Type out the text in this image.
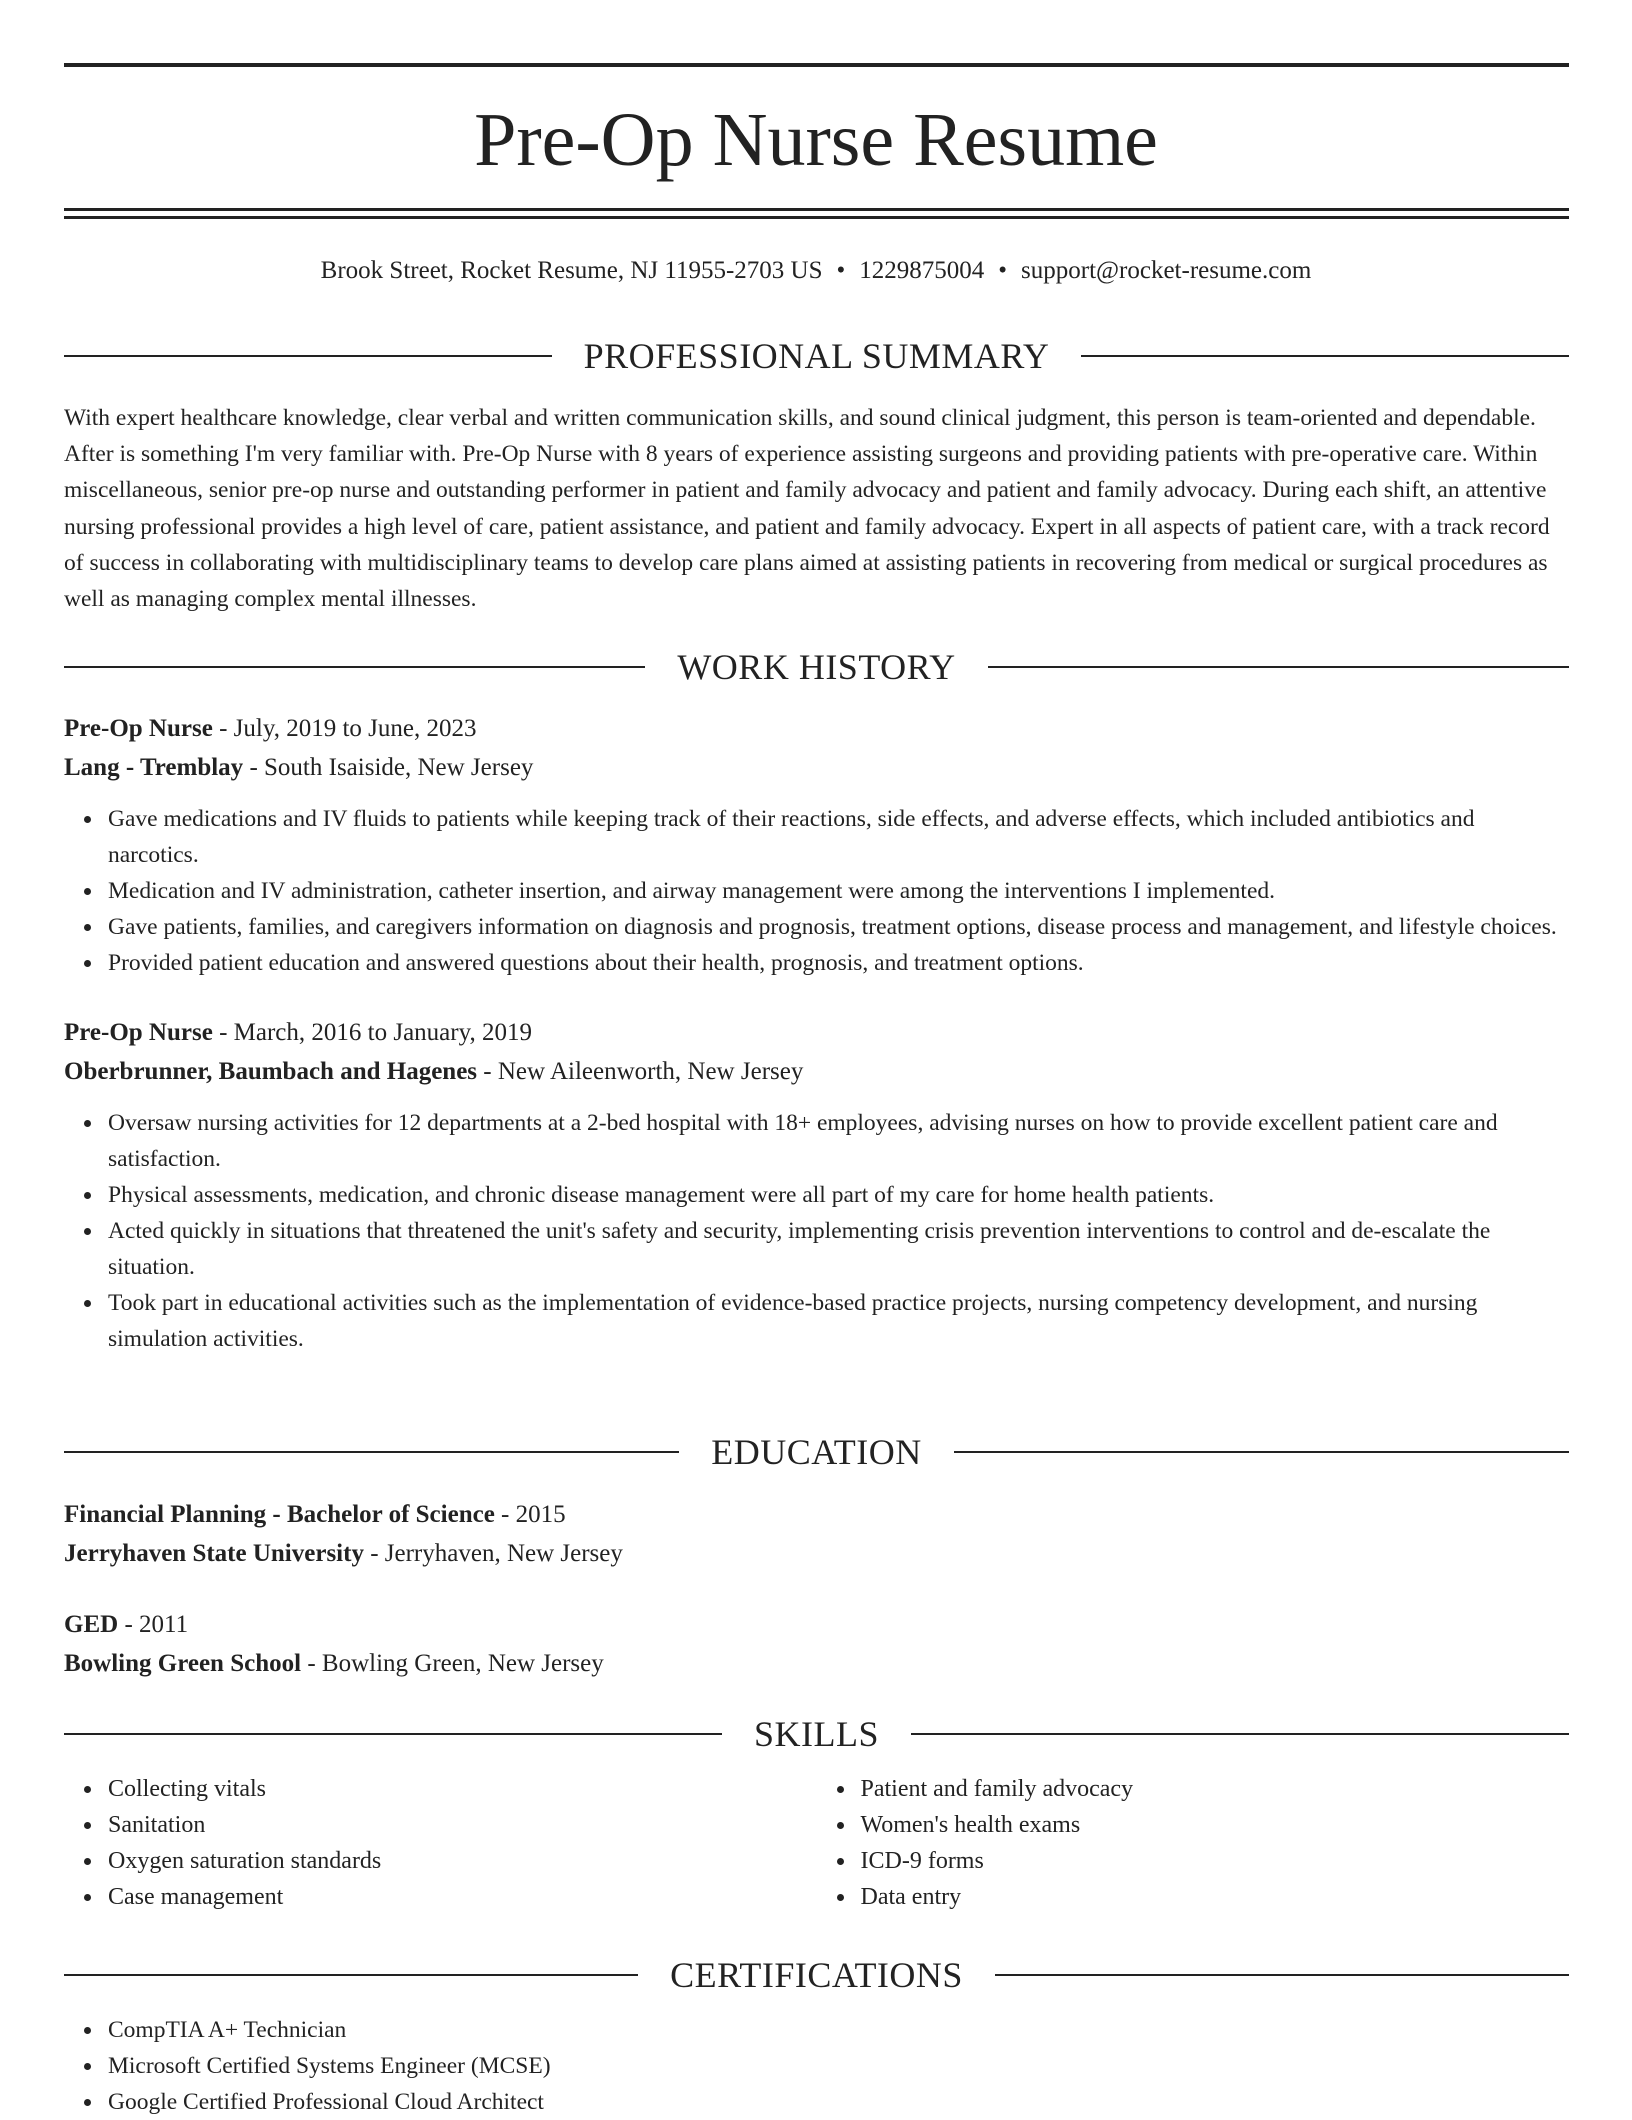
Pre-Op Nurse Resume
Brook Street, Rocket Resume, NJ 11955-2703 US • 1229875004 • support@rocket-resume.com
PROFESSIONAL SUMMARY

With expert healthcare knowledge, clear verbal and written communication skills, and sound clinical judgment, this person is team-oriented and dependable. After is something I'm very familiar with. Pre-Op Nurse with 8 years of experience assisting surgeons and providing patients with pre-operative care. Within miscellaneous, senior pre-op nurse and outstanding performer in patient and family advocacy and patient and family advocacy. During each shift, an attentive nursing professional provides a high level of care, patient assistance, and patient and family advocacy. Expert in all aspects of patient care, with a track record of success in collaborating with multidisciplinary teams to develop care plans aimed at assisting patients in recovering from medical or surgical procedures as well as managing complex mental illnesses.

WORK HISTORY
Pre-Op Nurse - July, 2019 to June, 2023
Lang - Tremblay - South Isaiside, New Jersey
Gave medications and IV fluids to patients while keeping track of their reactions, side effects, and adverse effects, which included antibiotics and narcotics.
Medication and IV administration, catheter insertion, and airway management were among the interventions I implemented.
Gave patients, families, and caregivers information on diagnosis and prognosis, treatment options, disease process and management, and lifestyle choices.
Provided patient education and answered questions about their health, prognosis, and treatment options.
Pre-Op Nurse - March, 2016 to January, 2019
Oberbrunner, Baumbach and Hagenes - New Aileenworth, New Jersey
Oversaw nursing activities for 12 departments at a 2-bed hospital with 18+ employees, advising nurses on how to provide excellent patient care and satisfaction.
Physical assessments, medication, and chronic disease management were all part of my care for home health patients.
Acted quickly in situations that threatened the unit's safety and security, implementing crisis prevention interventions to control and de-escalate the situation.
Took part in educational activities such as the implementation of evidence-based practice projects, nursing competency development, and nursing simulation activities.
EDUCATION
Financial Planning - Bachelor of Science - 2015
Jerryhaven State University - Jerryhaven, New Jersey
GED - 2011
Bowling Green School - Bowling Green, New Jersey
SKILLS
Collecting vitals
Sanitation
Oxygen saturation standards
Case management
Patient and family advocacy
Women's health exams
ICD-9 forms
Data entry
CERTIFICATIONS
CompTIA A+ Technician
Microsoft Certified Systems Engineer (MCSE)
Google Certified Professional Cloud Architect
